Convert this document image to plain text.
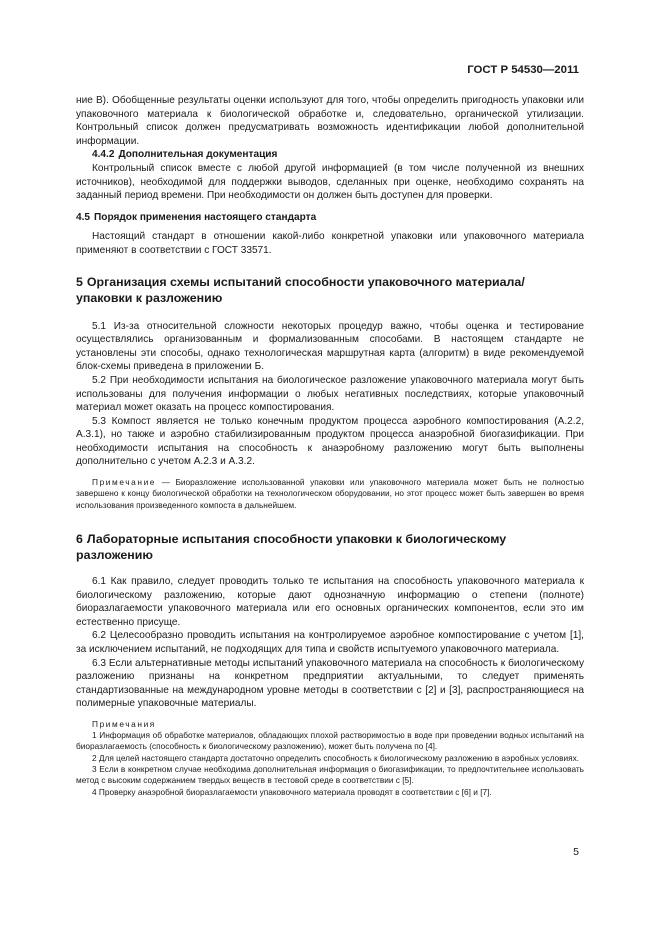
ГОСТ Р 54530—2011

ние В). Обобщенные результаты оценки используют для того, чтобы определить пригодность упаковки или упаковочного материала к биологической обработке и, следовательно, органической утилизации. Контрольный список должен предусматривать возможность идентификации любой дополнительной информации.

4.4.2 Дополнительная документация

Контрольный список вместе с любой другой информацией (в том числе полученной из внешних источников), необходимой для поддержки выводов, сделанных при оценке, необходимо сохранять на заданный период времени. При необходимости он должен быть доступен для проверки.

4.5 Порядок применения настоящего стандарта

Настоящий стандарт в отношении какой-либо конкретной упаковки или упаковочного материала применяют в соответствии с ГОСТ 33571.

5 Организация схемы испытаний способности упаковочного материала/ упаковки к разложению

5.1 Из-за относительной сложности некоторых процедур важно, чтобы оценка и тестирование осуществлялись организованным и формализованным способами. В настоящем стандарте не установлены эти способы, однако технологическая маршрутная карта (алгоритм) в виде рекомендуемой блок-схемы приведена в приложении Б.

5.2 При необходимости испытания на биологическое разложение упаковочного материала могут быть использованы для получения информации о любых негативных последствиях, которые упаковочный материал может оказать на процесс компостирования.

5.3 Компост является не только конечным продуктом процесса аэробного компостирования (А.2.2, А.3.1), но также и аэробно стабилизированным продуктом процесса анаэробной биогазификации. При необходимости испытания на способность к анаэробному разложению могут быть выполнены дополнительно с учетом А.2.3 и А.3.2.

Примечание — Биоразложение использованной упаковки или упаковочного материала может быть не полностью завершено к концу биологической обработки на технологическом оборудовании, но этот процесс может быть завершен во время использования произведенного компоста в дальнейшем.

6 Лабораторные испытания способности упаковки к биологическому разложению

6.1 Как правило, следует проводить только те испытания на способность упаковочного материала к биологическому разложению, которые дают однозначную информацию о степени (полноте) биоразлагаемости упаковочного материала или его основных органических компонентов, если это им естественно присуще.

6.2 Целесообразно проводить испытания на контролируемое аэробное компостирование с учетом [1], за исключением испытаний, не подходящих для типа и свойств испытуемого упаковочного материала.

6.3 Если альтернативные методы испытаний упаковочного материала на способность к биологическому разложению признаны на конкретном предприятии актуальными, то следует применять стандартизованные на международном уровне методы в соответствии с [2] и [3], распространяющиеся на полимерные упаковочные материалы.

Примечания

1 Информация об обработке материалов, обладающих плохой растворимостью в воде при проведении водных испытаний на биоразлагаемость (способность к биологическому разложению), может быть получена по [4].

2 Для целей настоящего стандарта достаточно определить способность к биологическому разложению в аэробных условиях.

3 Если в конкретном случае необходима дополнительная информация о биогазификации, то предпочтительнее использовать метод с высоким содержанием твердых веществ в тестовой среде в соответствии с [5].

4 Проверку анаэробной биоразлагаемости упаковочного материала проводят в соответствии с [6] и [7].

5
